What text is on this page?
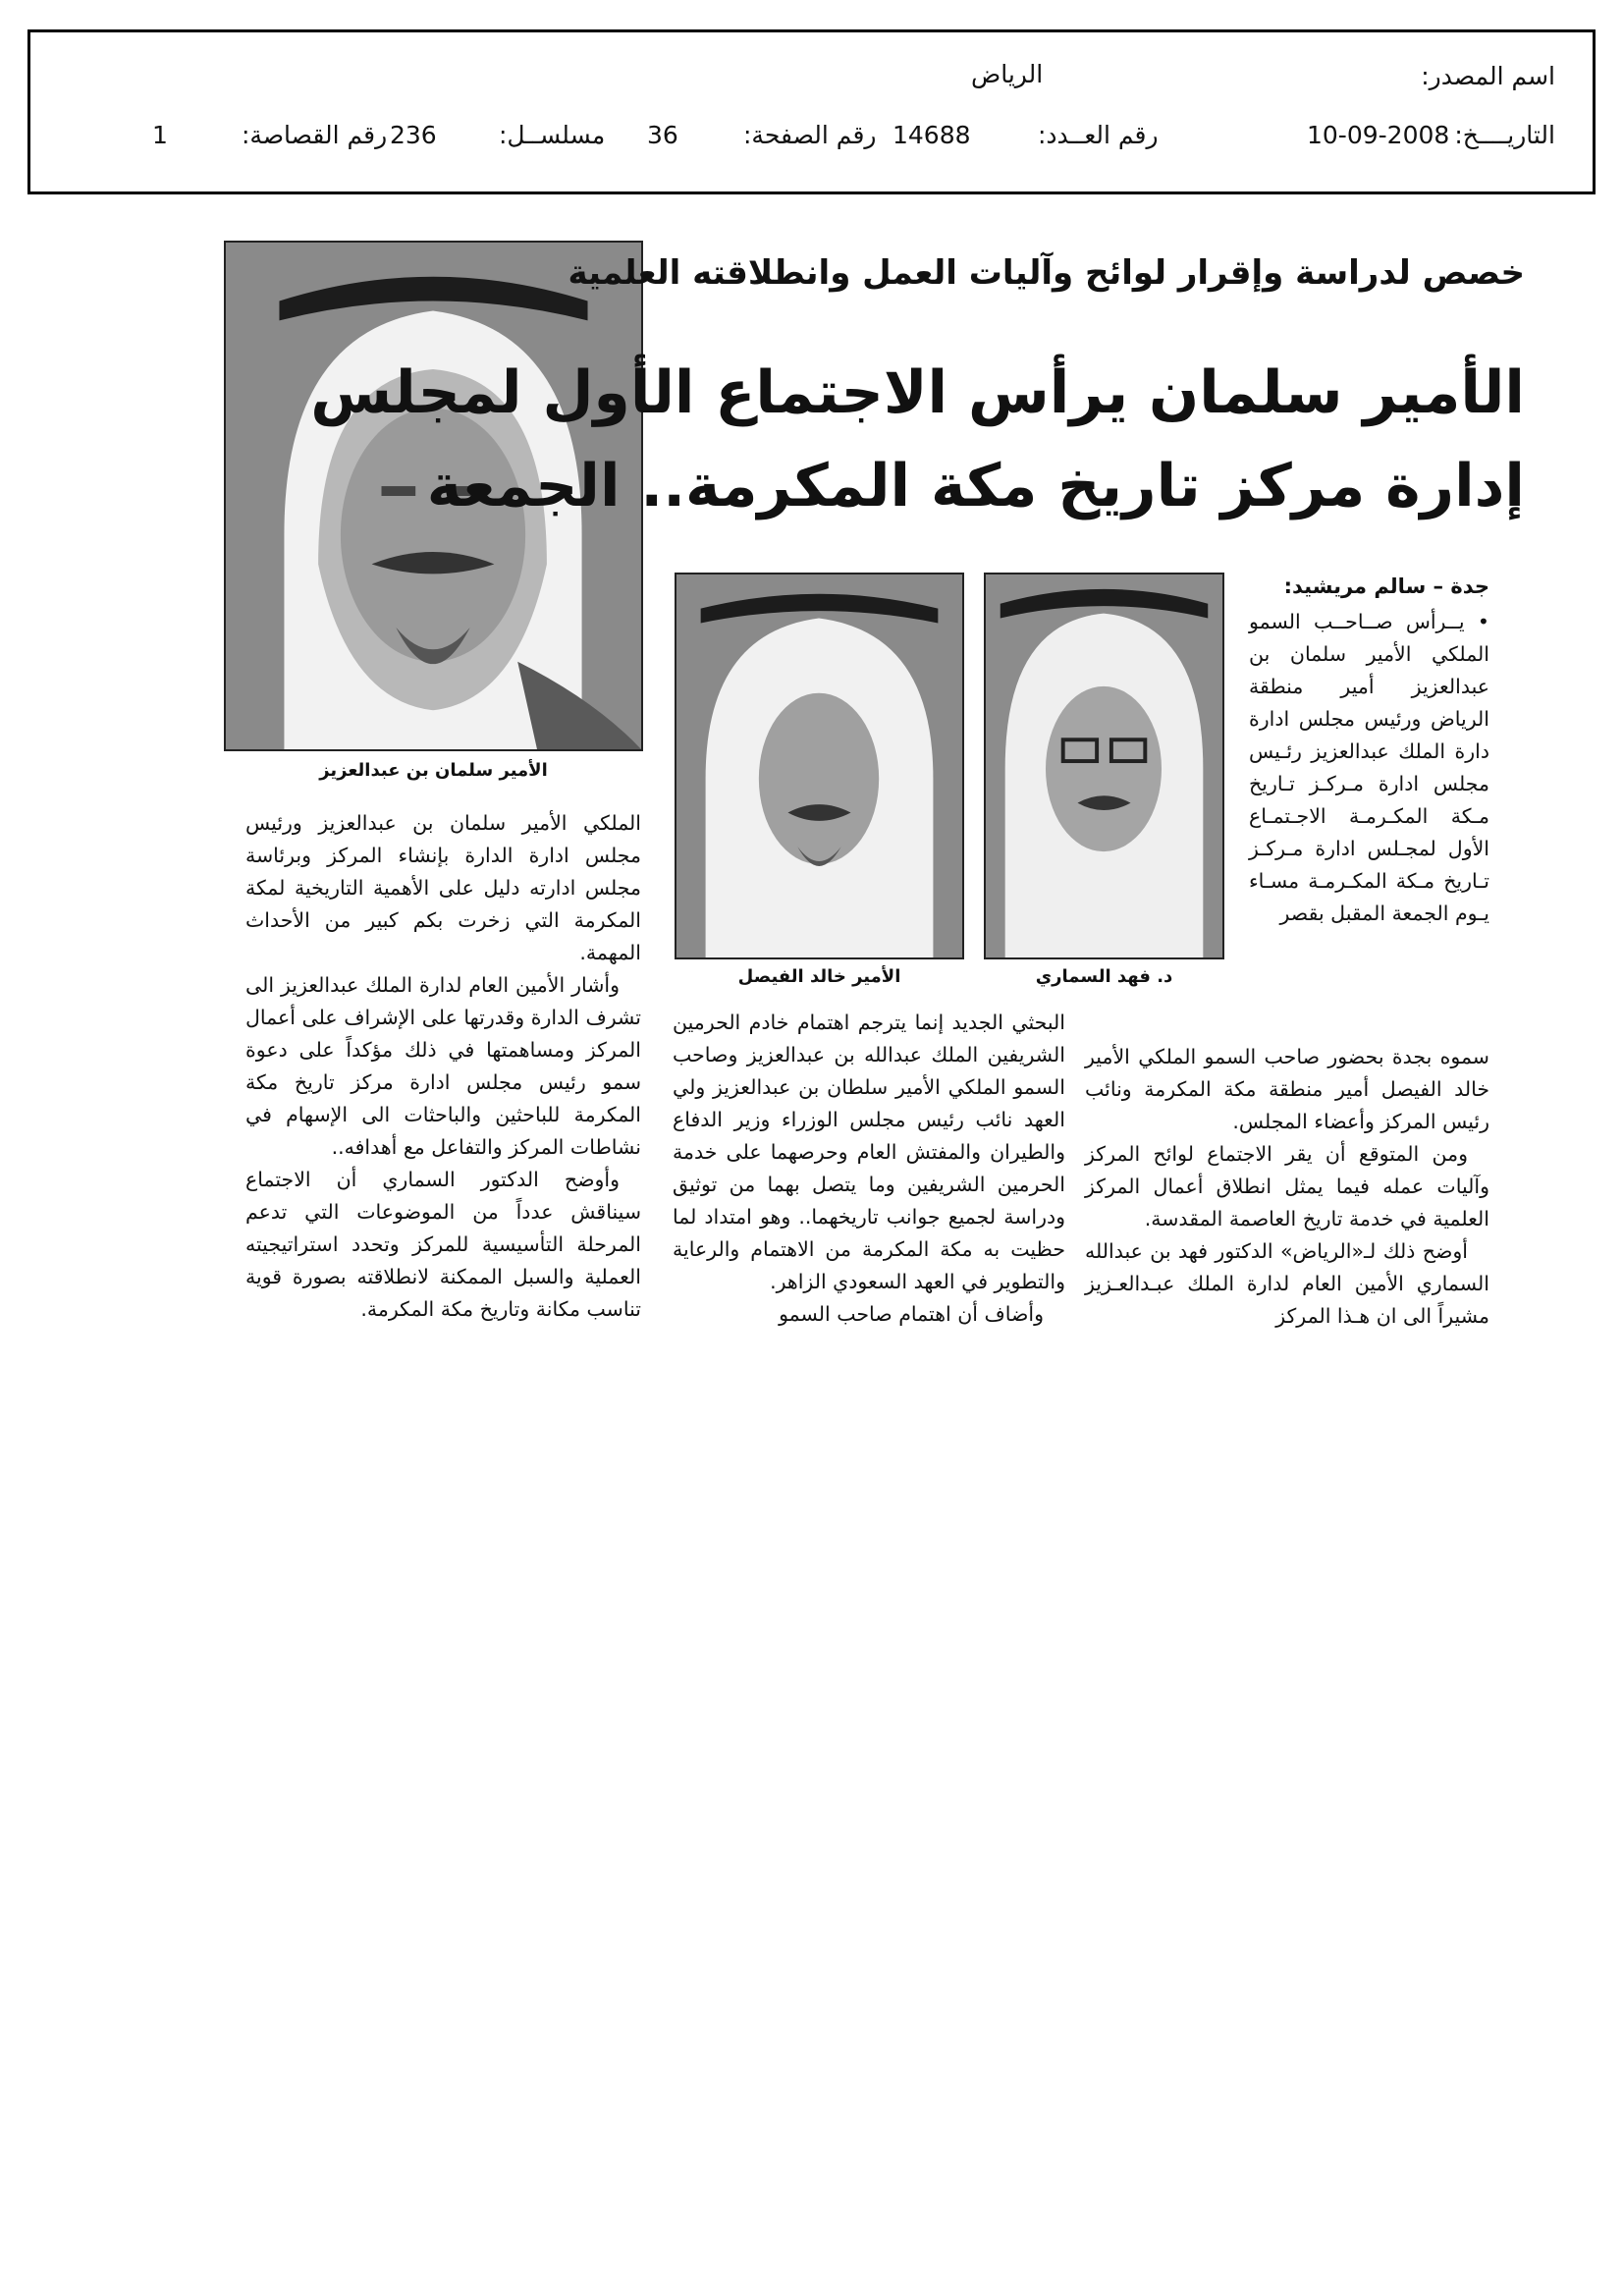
اسم المصدر:
الرياض
التاريــــخ:
10-09-2008
رقم العــدد:
14688
رقم الصفحة:
36
مسلســل:
236
رقم القصاصة:
1
الأمير سلمان بن عبدالعزيز
خصص لدراسة وإقرار لوائح وآليات العمل وانطلاقته العلمية
الأمير سلمان يرأس الاجتماع الأول لمجلس
إدارة مركز تاريخ مكة المكرمة.. الجمعة
د. فهد السماري
الأمير خالد الفيصل
جدة – سالم مريشيد:

• يــرأس صــاحــب السمو الملكي الأمير سلمان بن عبدالعزيز أمير منطقة الرياض ورئيس مجلس ادارة دارة الملك عبدالعزيز رئـيس مجلس ادارة مـركـز تـاريخ مـكة المكـرمـة الاجـتمـاع الأول لمجـلس ادارة مـركـز تـاريخ مـكة المكـرمـة مسـاء يـوم الجمعة المقبل بقصر

سموه بجدة بحضور صاحب السمو الملكي الأمير خالد الفيصل أمير منطقة مكة المكرمة ونائب رئيس المركز وأعضاء المجلس.

ومن المتوقع أن يقر الاجتماع لوائح المركز وآليات عمله فيما يمثل انطلاق أعمال المركز العلمية في خدمة تاريخ العاصمة المقدسة.

أوضح ذلك لـ«الرياض» الدكتور فهد بن عبدالله السماري الأمين العام لدارة الملك عبـدالعـزيز مشيراً الى ان هـذا المركز

البحثي الجديد إنما يترجم اهتمام خادم الحرمين الشريفين الملك عبدالله بن عبدالعزيز وصاحب السمو الملكي الأمير سلطان بن عبدالعزيز ولي العهد نائب رئيس مجلس الوزراء وزير الدفاع والطيران والمفتش العام وحرصهما على خدمة الحرمين الشريفين وما يتصل بهما من توثيق ودراسة لجميع جوانب تاريخهما.. وهو امتداد لما حظيت به مكة المكرمة من الاهتمام والرعاية والتطوير في العهد السعودي الزاهر.

وأضاف أن اهتمام صاحب السمو

الملكي الأمير سلمان بن عبدالعزيز ورئيس مجلس ادارة الدارة بإنشاء المركز وبرئاسة مجلس ادارته دليل على الأهمية التاريخية لمكة المكرمة التي زخرت بكم كبير من الأحداث المهمة.

وأشار الأمين العام لدارة الملك عبدالعزيز الى تشرف الدارة وقدرتها على الإشراف على أعمال المركز ومساهمتها في ذلك مؤكداً على دعوة سمو رئيس مجلس ادارة مركز تاريخ مكة المكرمة للباحثين والباحثات الى الإسهام في نشاطات المركز والتفاعل مع أهدافه..

وأوضح الدكتور السماري أن الاجتماع سيناقش عدداً من الموضوعات التي تدعم المرحلة التأسيسية للمركز وتحدد استراتيجيته العملية والسبل الممكنة لانطلاقته بصورة قوية تناسب مكانة وتاريخ مكة المكرمة.
